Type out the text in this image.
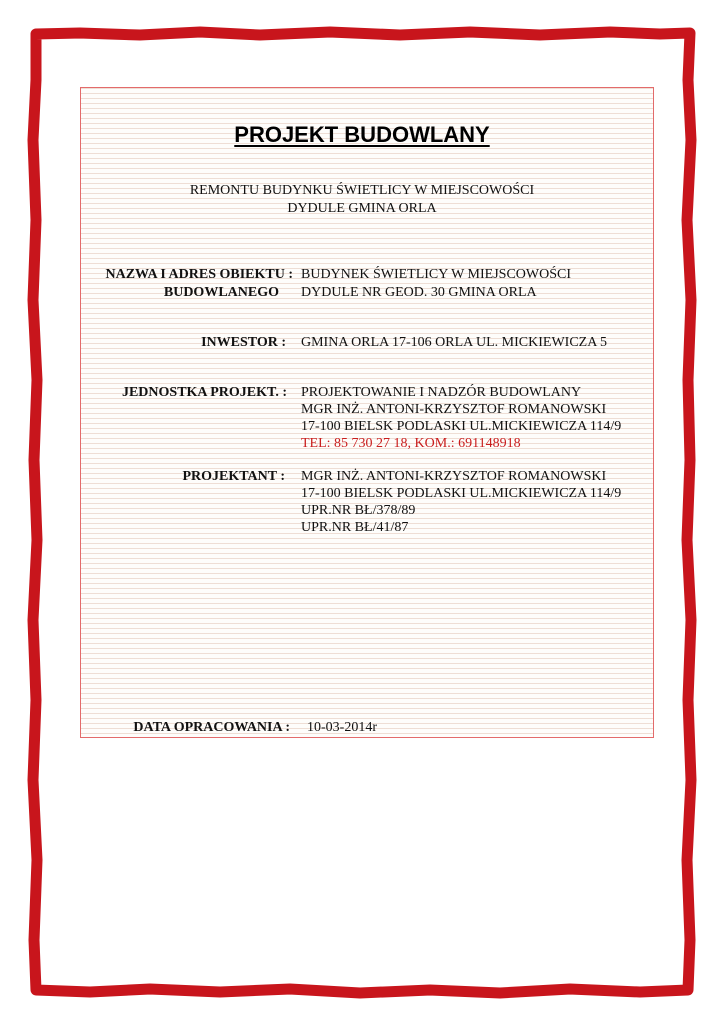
PROJEKT BUDOWLANY
REMONTU BUDYNKU ŚWIETLICY W MIEJSCOWOŚCI
DYDULE GMINA ORLA
NAZWA I ADRES OBIEKTU :
BUDOWLANEGO
BUDYNEK ŚWIETLICY W MIEJSCOWOŚCI
DYDULE NR GEOD. 30 GMINA ORLA
INWESTOR : GMINA ORLA 17-106 ORLA UL. MICKIEWICZA 5
JEDNOSTKA PROJEKT. : PROJEKTOWANIE I NADZÓR BUDOWLANY
MGR INŻ. ANTONI-KRZYSZTOF ROMANOWSKI
17-100 BIELSK PODLASKI UL.MICKIEWICZA 114/9
TEL: 85 730 27 18, KOM.: 691148918
PROJEKTANT : MGR INŻ. ANTONI-KRZYSZTOF ROMANOWSKI
17-100 BIELSK PODLASKI UL.MICKIEWICZA 114/9
UPR.NR BŁ/378/89
UPR.NR BŁ/41/87
DATA OPRACOWANIA : 10-03-2014r
